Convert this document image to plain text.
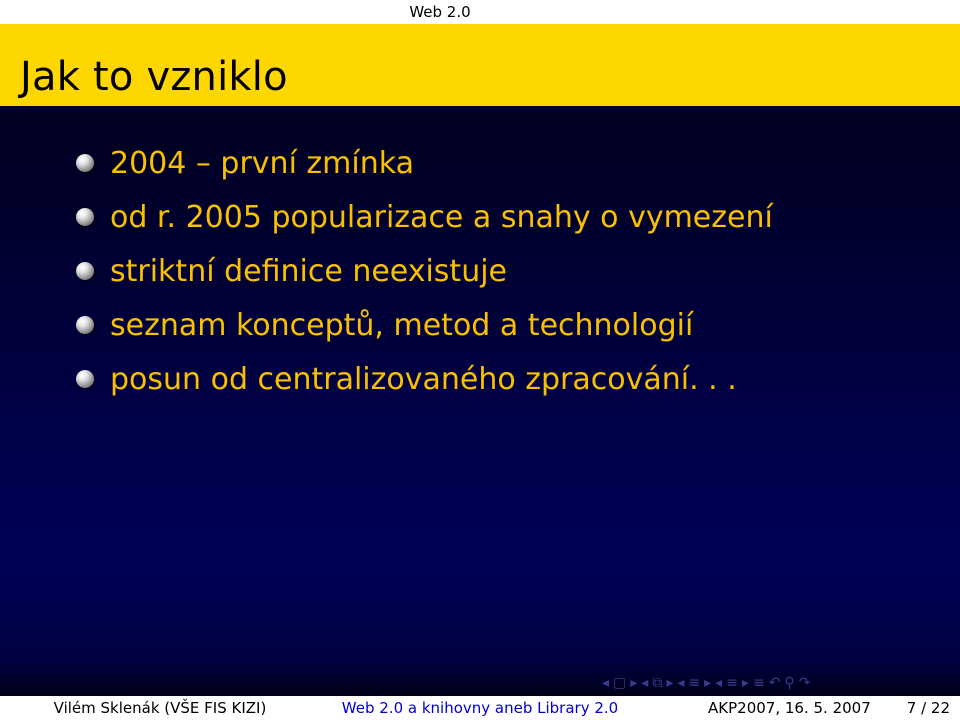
Web 2.0
Jak to vzniklo
2004 – první zmínka
od r. 2005 popularizace a snahy o vymezení
striktní definice neexistuje
seznam konceptů, metod a technologií
posun od centralizovaného zpracování. . .
◂ ▢ ▸ ◂ ⧉ ▸ ◂ ≡ ▸ ◂ ≡ ▸ ≡ ↶ ⚲ ↷
Vilém Sklenák (VŠE FIS KIZI)	Web 2.0 a knihovny aneb Library 2.0	AKP2007, 16. 5. 2007 7 / 22
